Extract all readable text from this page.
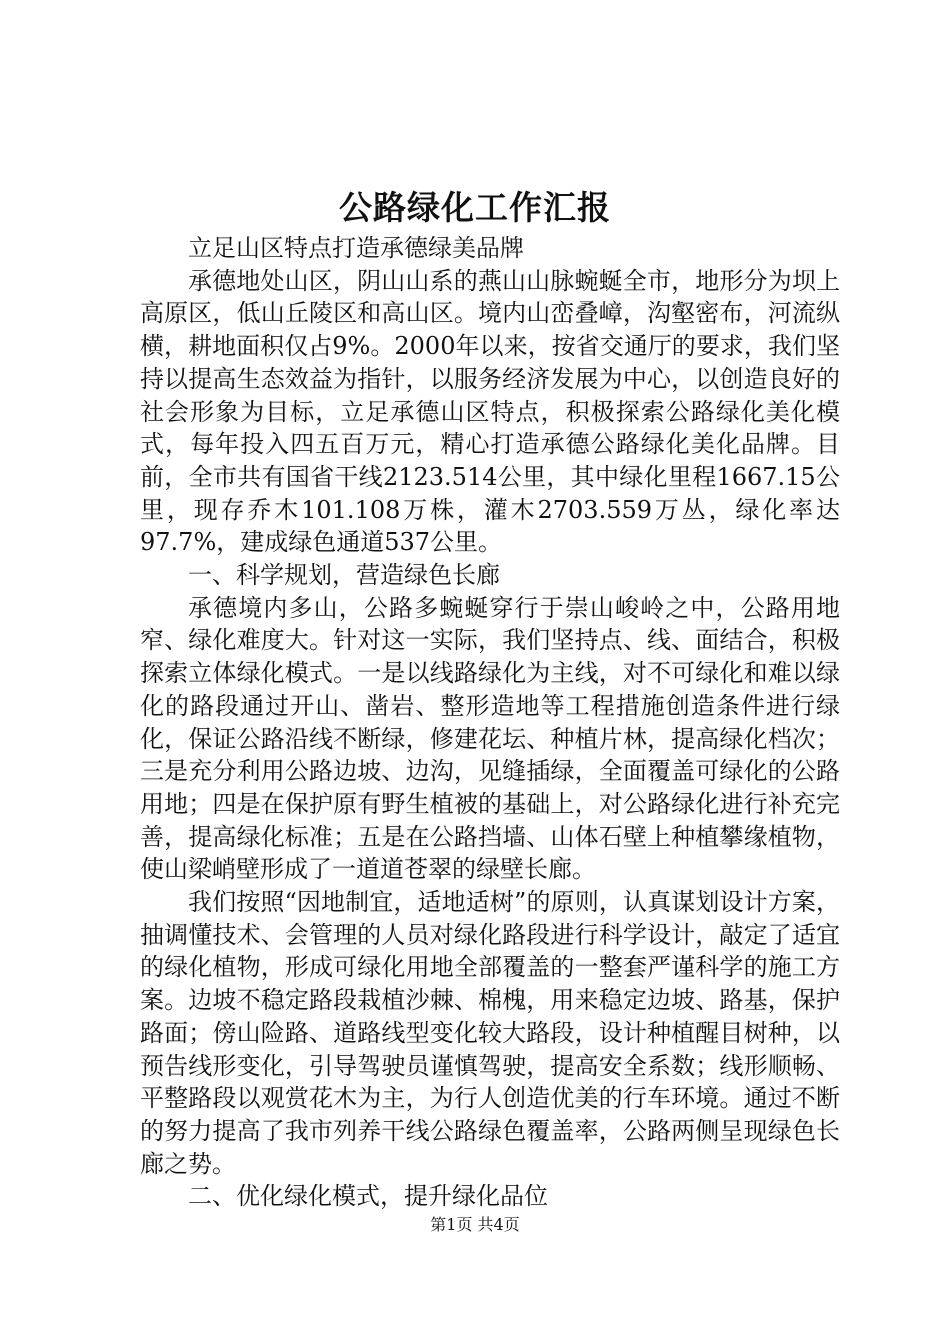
公路绿化工作汇报

立足山区特点打造承德绿美品牌

承德地处山区，阴山山系的燕山山脉蜿蜒全市，地形分为坝上高原区，低山丘陵区和高山区。境内山峦叠嶂，沟壑密布，河流纵横，耕地面积仅占9%。2000年以来，按省交通厅的要求，我们坚持以提高生态效益为指针，以服务经济发展为中心，以创造良好的社会形象为目标，立足承德山区特点，积极探索公路绿化美化模式，每年投入四五百万元，精心打造承德公路绿化美化品牌。目前，全市共有国省干线2123.514公里，其中绿化里程1667.15公里，现存乔木101.108万株，灌木2703.559万丛，绿化率达97.7%，建成绿色通道537公里。

一、科学规划，营造绿色长廊

承德境内多山，公路多蜿蜒穿行于崇山峻岭之中，公路用地窄、绿化难度大。针对这一实际，我们坚持点、线、面结合，积极探索立体绿化模式。一是以线路绿化为主线，对不可绿化和难以绿化的路段通过开山、凿岩、整形造地等工程措施创造条件进行绿化，保证公路沿线不断绿，修建花坛、种植片林，提高绿化档次；三是充分利用公路边坡、边沟，见缝插绿，全面覆盖可绿化的公路用地；四是在保护原有野生植被的基础上，对公路绿化进行补充完善，提高绿化标准；五是在公路挡墙、山体石壁上种植攀缘植物，使山梁峭壁形成了一道道苍翠的绿壁长廊。

我们按照“因地制宜，适地适树”的原则，认真谋划设计方案，抽调懂技术、会管理的人员对绿化路段进行科学设计，敲定了适宜的绿化植物，形成可绿化用地全部覆盖的一整套严谨科学的施工方案。边坡不稳定路段栽植沙棘、棉槐，用来稳定边坡、路基，保护路面；傍山险路、道路线型变化较大路段，设计种植醒目树种，以预告线形变化，引导驾驶员谨慎驾驶，提高安全系数；线形顺畅、平整路段以观赏花木为主，为行人创造优美的行车环境。通过不断的努力提高了我市列养干线公路绿色覆盖率，公路两侧呈现绿色长廊之势。

二、优化绿化模式，提升绿化品位

第1页 共4页
